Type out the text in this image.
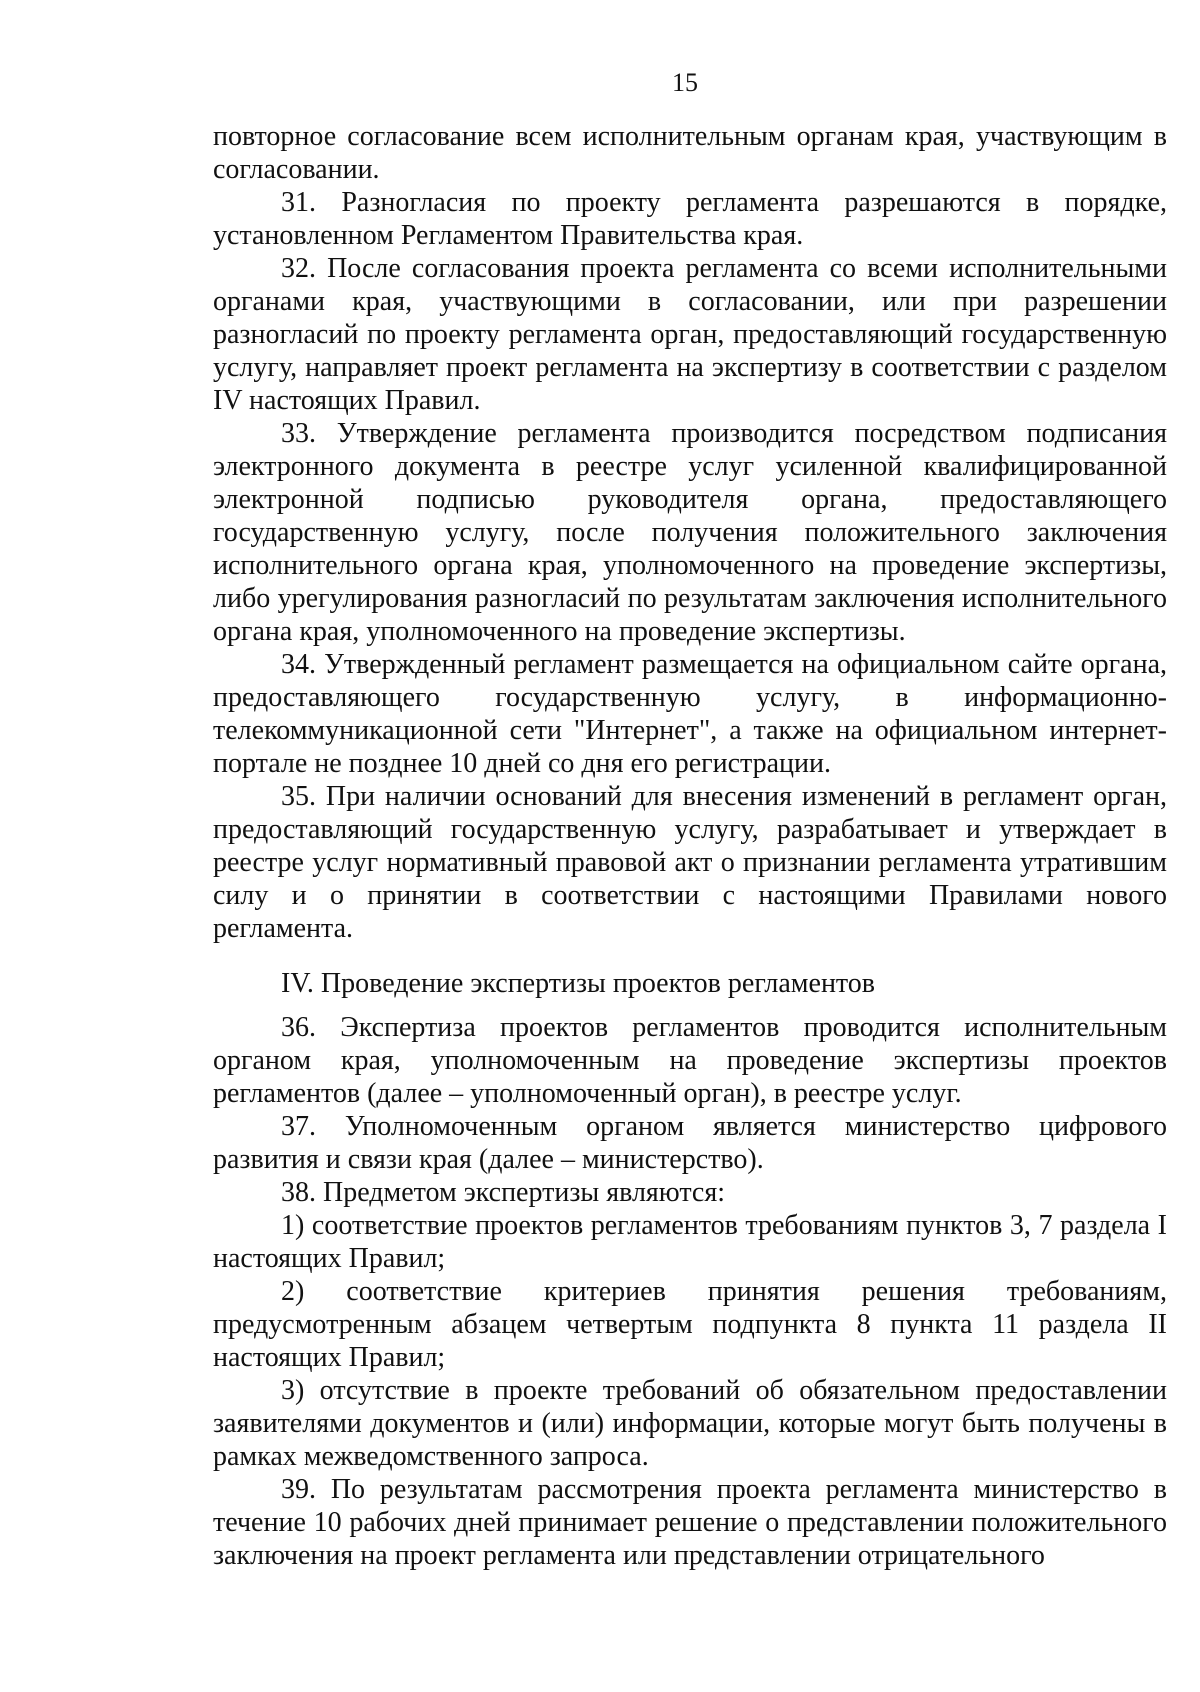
15

повторное согласование всем исполнительным органам края, участвующим в согласовании.

31. Разногласия по проекту регламента разрешаются в порядке, установленном Регламентом Правительства края.

32. После согласования проекта регламента со всеми исполнительными органами края, участвующими в согласовании, или при разрешении разногласий по проекту регламента орган, предоставляющий государственную услугу, направляет проект регламента на экспертизу в соответствии с разделом IV настоящих Правил.

33. Утверждение регламента производится посредством подписания электронного документа в реестре услуг усиленной квалифицированной электронной подписью руководителя органа, предоставляющего государственную услугу, после получения положительного заключения исполнительного органа края, уполномоченного на проведение экспертизы, либо урегулирования разногласий по результатам заключения исполнительного органа края, уполномоченного на проведение экспертизы.

34. Утвержденный регламент размещается на официальном сайте органа, предоставляющего государственную услугу, в информационно-телекоммуникационной сети "Интернет", а также на официальном интернет-портале не позднее 10 дней со дня его регистрации.

35. При наличии оснований для внесения изменений в регламент орган, предоставляющий государственную услугу, разрабатывает и утверждает в реестре услуг нормативный правовой акт о признании регламента утратившим силу и о принятии в соответствии с настоящими Правилами нового регламента.

IV. Проведение экспертизы проектов регламентов

36. Экспертиза проектов регламентов проводится исполнительным органом края, уполномоченным на проведение экспертизы проектов регламентов (далее – уполномоченный орган), в реестре услуг.

37. Уполномоченным органом является министерство цифрового развития и связи края (далее – министерство).

38. Предметом экспертизы являются:

1) соответствие проектов регламентов требованиям пунктов 3, 7 раздела I настоящих Правил;

2) соответствие критериев принятия решения требованиям, предусмотренным абзацем четвертым подпункта 8 пункта 11 раздела II настоящих Правил;

3) отсутствие в проекте требований об обязательном предоставлении заявителями документов и (или) информации, которые могут быть получены в рамках межведомственного запроса.

39. По результатам рассмотрения проекта регламента министерство в течение 10 рабочих дней принимает решение о представлении положительного заключения на проект регламента или представлении отрицательного
